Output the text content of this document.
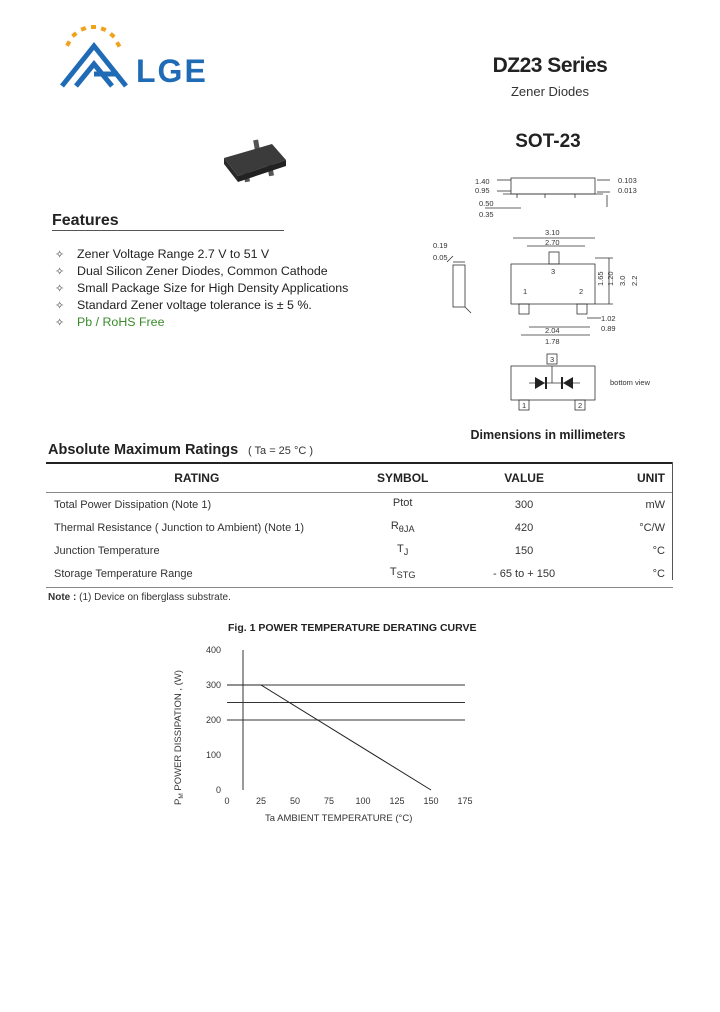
LGE	DZ23 Series
Zener Diodes
SOT-23
Features
✧ Zener Voltage Range 2.7 V to 51 V
✧ Dual Silicon Zener Diodes, Common Cathode
✧ Small Package Size for High Density Applications
✧ Standard Zener voltage tolerance is ± 5 %.
✧ Pb / RoHS Free
1.40
0.95
0.50
0.35
0.103
0.013
3.10
2.70
0.19
0.05
1.65 1.20 3.0 2.2
1.02
0.89
2.04
1.78
3
1	2
3
1	2
bottom view
Dimensions in millimeters
Absolute Maximum Ratings ( Ta = 25 °C )
RATING	SYMBOL	VALUE	UNIT
Total Power Dissipation (Note 1)	Ptot	300	mW
Thermal Resistance ( Junction to Ambient) (Note 1)	$R_{\theta JA}$	420	°C/W
Junction Temperature	$T_J$	150	°C
Storage Temperature Range	$T_{STG}$	- 65 to + 150	°C
Note : (1) Device on fiberglass substrate.
Fig. 1 POWER TEMPERATURE DERATING CURVE
0
100
200
300
400
0	25	50	75 100 125 150 175
Ta AMBIENT TEMPERATURE (°C)
$P_M$ POWER DISSIPATION , (W)
